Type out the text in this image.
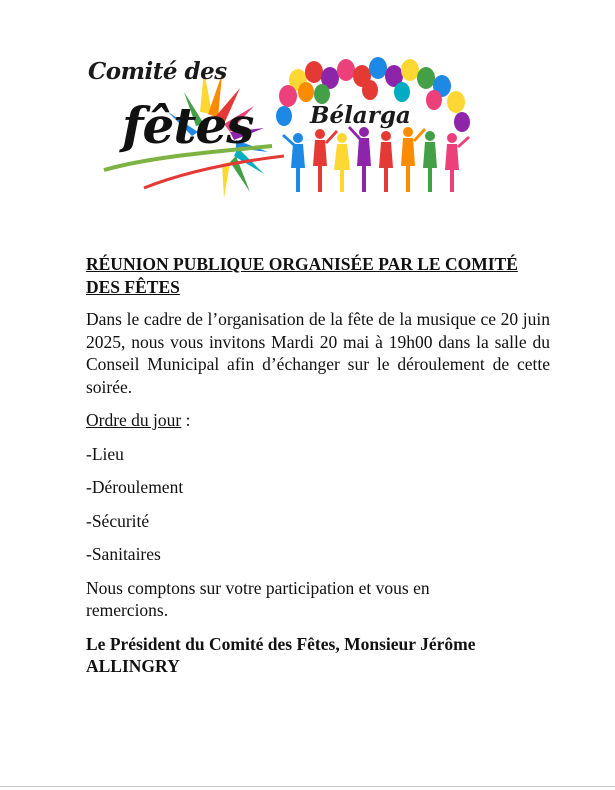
Comité des
fêtes Bélarga

RÉUNION PUBLIQUE ORGANISÉE PAR LE COMITÉ DES FÊTES

Dans le cadre de l’organisation de la fête de la musique ce 20 juin 2025, nous vous invitons Mardi 20 mai à 19h00 dans la salle du Conseil Municipal afin d’échanger sur le déroulement de cette soirée.

Ordre du jour :

-Lieu

-Déroulement

-Sécurité

-Sanitaires

Nous comptons sur votre participation et vous en remercions.

Le Président du Comité des Fêtes, Monsieur Jérôme ALLINGRY
